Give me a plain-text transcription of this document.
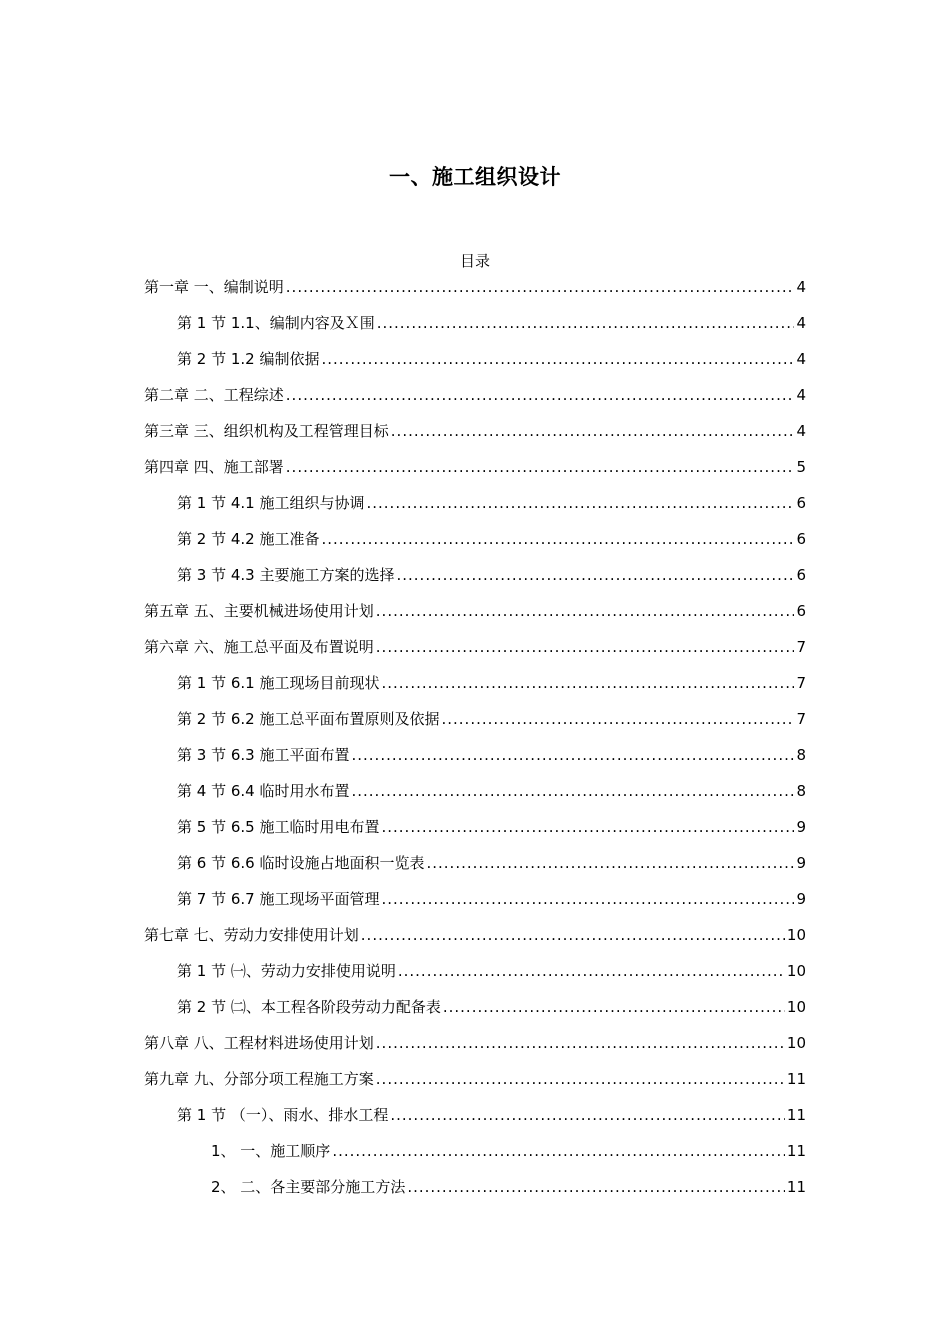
一、施工组织设计
目录
第一章 一、编制说明 .....	4
第 1 节 1.1、编制内容及Ｘ围 .....	4
第 2 节 1.2 编制依据 .....	4
第二章 二、工程综述 .....	4
第三章 三、组织机构及工程管理目标 .....	4
第四章 四、施工部署 .....	5
第 1 节 4.1 施工组织与协调 .....	6
第 2 节 4.2 施工准备 .....	6
第 3 节 4.3 主要施工方案的选择 .....	6
第五章 五、主要机械进场使用计划 .....	6
第六章 六、施工总平面及布置说明 .....	7
第 1 节 6.1 施工现场目前现状 .....	7
第 2 节 6.2 施工总平面布置原则及依据 .....	7
第 3 节 6.3 施工平面布置 .....	8
第 4 节 6.4 临时用水布置 .....	8
第 5 节 6.5 施工临时用电布置 .....	9
第 6 节 6.6 临时设施占地面积一览表 .....	9
第 7 节 6.7 施工现场平面管理 .....	9
第七章 七、劳动力安排使用计划 .....	10
第 1 节 ㈠、劳动力安排使用说明 .....	10
第 2 节 ㈡、本工程各阶段劳动力配备表 .....	10
第八章 八、工程材料进场使用计划 .....	10
第九章 九、分部分项工程施工方案 .....	11
第 1 节 （一）、雨水、排水工程 .....	11
1、 一、施工顺序 .....	11
2、 二、各主要部分施工方法 .....	11
